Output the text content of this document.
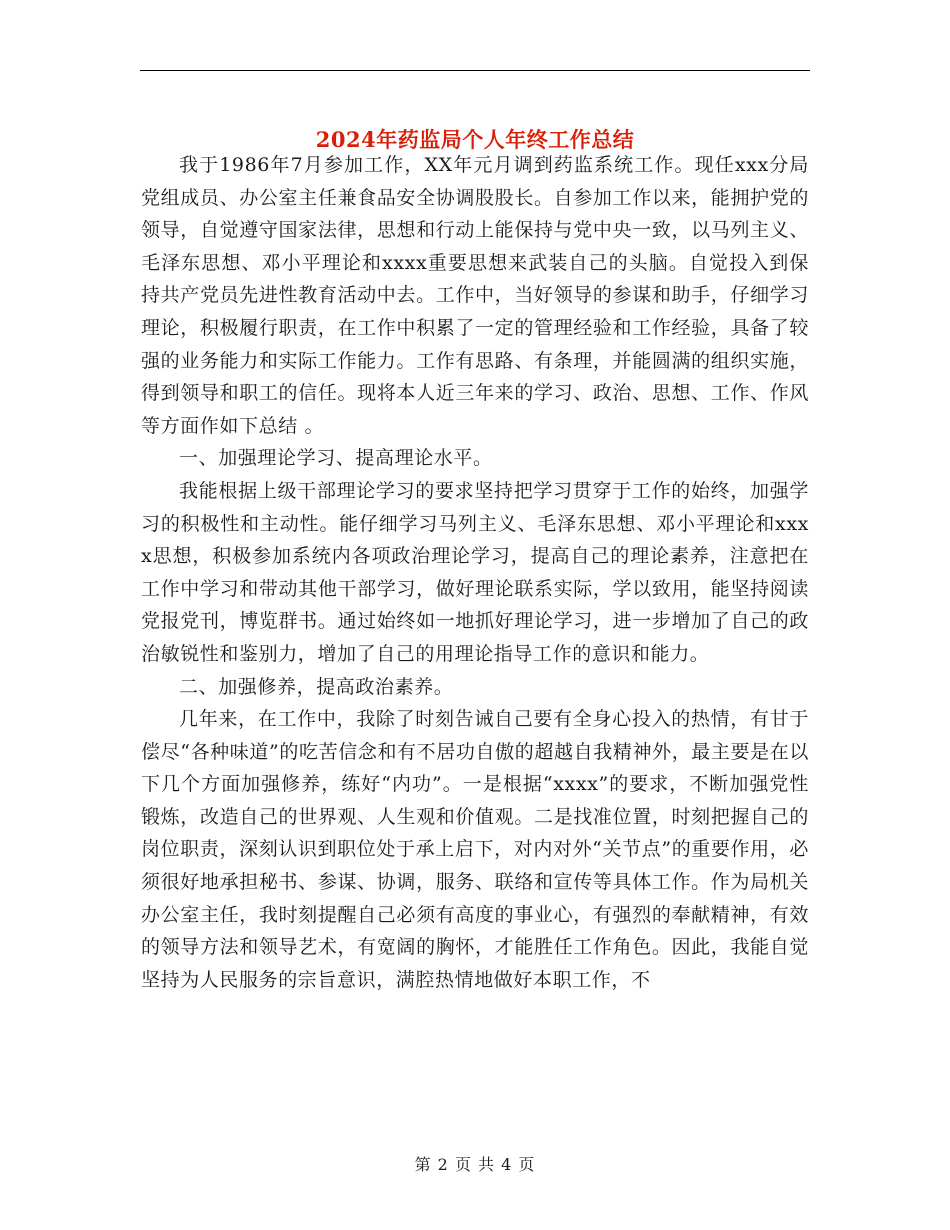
2024年药监局个人年终工作总结

我于1986年7月参加工作，XX年元月调到药监系统工作。现任xxx分局党组成员、办公室主任兼食品安全协调股股长。自参加工作以来，能拥护党的领导，自觉遵守国家法律，思想和行动上能保持与党中央一致，以马列主义、毛泽东思想、邓小平理论和xxxx重要思想来武装自己的头脑。自觉投入到保持共产党员先进性教育活动中去。工作中，当好领导的参谋和助手，仔细学习理论，积极履行职责，在工作中积累了一定的管理经验和工作经验，具备了较强的业务能力和实际工作能力。工作有思路、有条理，并能圆满的组织实施，得到领导和职工的信任。现将本人近三年来的学习、政治、思想、工作、作风等方面作如下总结 。

一、加强理论学习、提高理论水平。

我能根据上级干部理论学习的要求坚持把学习贯穿于工作的始终，加强学习的积极性和主动性。能仔细学习马列主义、毛泽东思想、邓小平理论和xxxx思想，积极参加系统内各项政治理论学习，提高自己的理论素养，注意把在工作中学习和带动其他干部学习，做好理论联系实际，学以致用，能坚持阅读党报党刊，博览群书。通过始终如一地抓好理论学习，进一步增加了自己的政治敏锐性和鉴别力，增加了自己的用理论指导工作的意识和能力。

二、加强修养，提高政治素养。

几年来，在工作中，我除了时刻告诫自己要有全身心投入的热情，有甘于偿尽“各种味道”的吃苦信念和有不居功自傲的超越自我精神外，最主要是在以下几个方面加强修养，练好“内功”。一是根据“xxxx”的要求，不断加强党性锻炼，改造自己的世界观、人生观和价值观。二是找准位置，时刻把握自己的岗位职责，深刻认识到职位处于承上启下，对内对外“关节点”的重要作用，必须很好地承担秘书、参谋、协调，服务、联络和宣传等具体工作。作为局机关办公室主任，我时刻提醒自己必须有高度的事业心，有强烈的奉献精神，有效的领导方法和领导艺术，有宽阔的胸怀，才能胜任工作角色。因此，我能自觉坚持为人民服务的宗旨意识，满腔热情地做好本职工作，不

第 2 页 共 4 页
